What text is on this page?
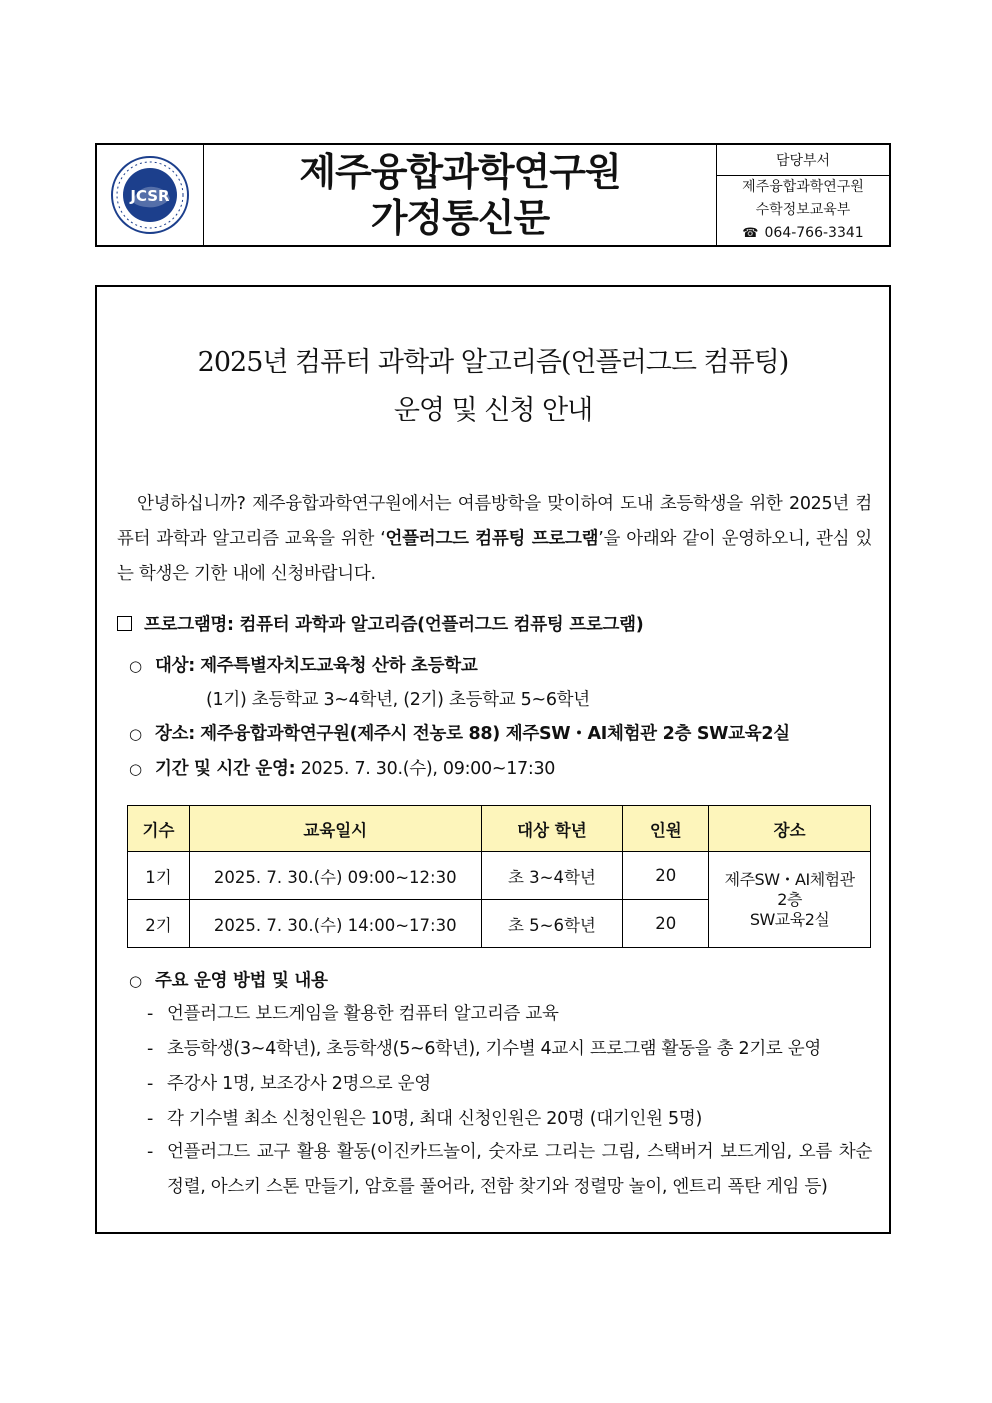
JCSR
제주융합과학연구원
가정통신문
담당부서
제주융합과학연구원
수학정보교육부
☎ 064-766-3341
2025년 컴퓨터 과학과 알고리즘(언플러그드 컴퓨팅)
운영 및 신청 안내
안녕하십니까? 제주융합과학연구원에서는 여름방학을 맞이하여 도내 초등학생을 위한 2025년 컴퓨터 과학과 알고리즘 교육을 위한 ‘언플러그드 컴퓨팅 프로그램’을 아래와 같이 운영하오니, 관심 있는 학생은 기한 내에 신청바랍니다.
프로그램명: 컴퓨터 과학과 알고리즘(언플러그드 컴퓨팅 프로그램)
○ 대상: 제주특별자치도교육청 산하 초등학교
(1기) 초등학교 3~4학년, (2기) 초등학교 5~6학년
○ 장소: 제주융합과학연구원(제주시 전농로 88) 제주SW・AI체험관 2층 SW교육2실
○ 기간 및 시간 운영: 2025. 7. 30.(수), 09:00~17:30
기수	교육일시	대상 학년	인원	장소
1기	2025. 7. 30.(수) 09:00~12:30	초 3~4학년	20	제주SW・AI체험관
2층
SW교육2실

2기	2025. 7. 30.(수) 14:00~17:30	초 5~6학년	20	
○ 주요 운영 방법 및 내용
- 언플러그드 보드게임을 활용한 컴퓨터 알고리즘 교육
- 초등학생(3~4학년), 초등학생(5~6학년), 기수별 4교시 프로그램 활동을 총 2기로 운영
- 주강사 1명, 보조강사 2명으로 운영
- 각 기수별 최소 신청인원은 10명, 최대 신청인원은 20명 (대기인원 5명)
- 언플러그드 교구 활용 활동(이진카드놀이, 숫자로 그리는 그림, 스택버거 보드게임, 오름 차순 정렬, 아스키 스톤 만들기, 암호를 풀어라, 전함 찾기와 정렬망 놀이, 엔트리 폭탄 게임 등)
